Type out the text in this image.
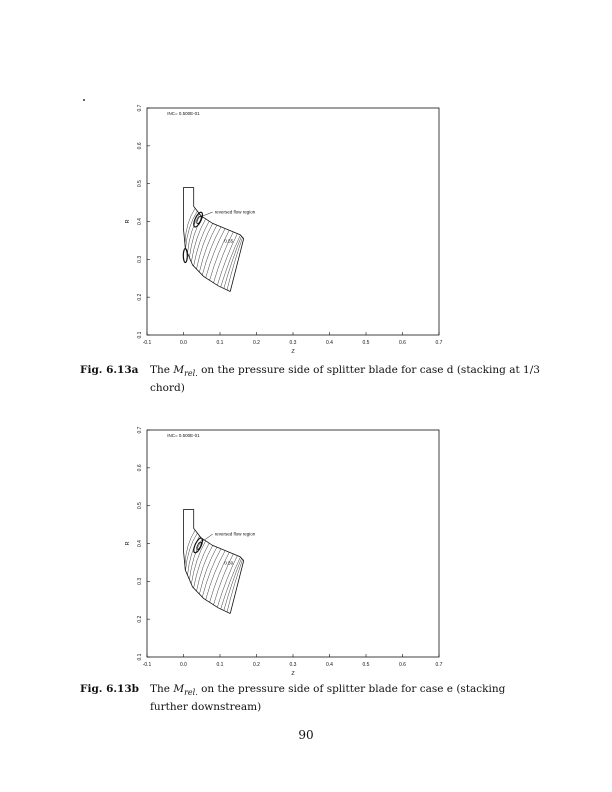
-0.1	0.0	0.1	0.2	0.3	0.4	0.5	0.6	0.7
0.1
0.2
0.3
0.4
0.5
0.6
0.7
Z
R
INC= 0.500E-01
reversed flow region
0.55
Fig. 6.13a	The $M_{rel.}$ on the pressure side of splitter blade for case d (stacking at 1/3 chord)
-0.1	0.0	0.1	0.2	0.3	0.4	0.5	0.6	0.7
0.1
0.2
0.3
0.4
0.5
0.6
0.7
Z
R
INC= 0.500E-01
reversed flow region
0.50
Fig. 6.13b	The $M_{rel.}$ on the pressure side of splitter blade for case e (stacking further downstream)
90
